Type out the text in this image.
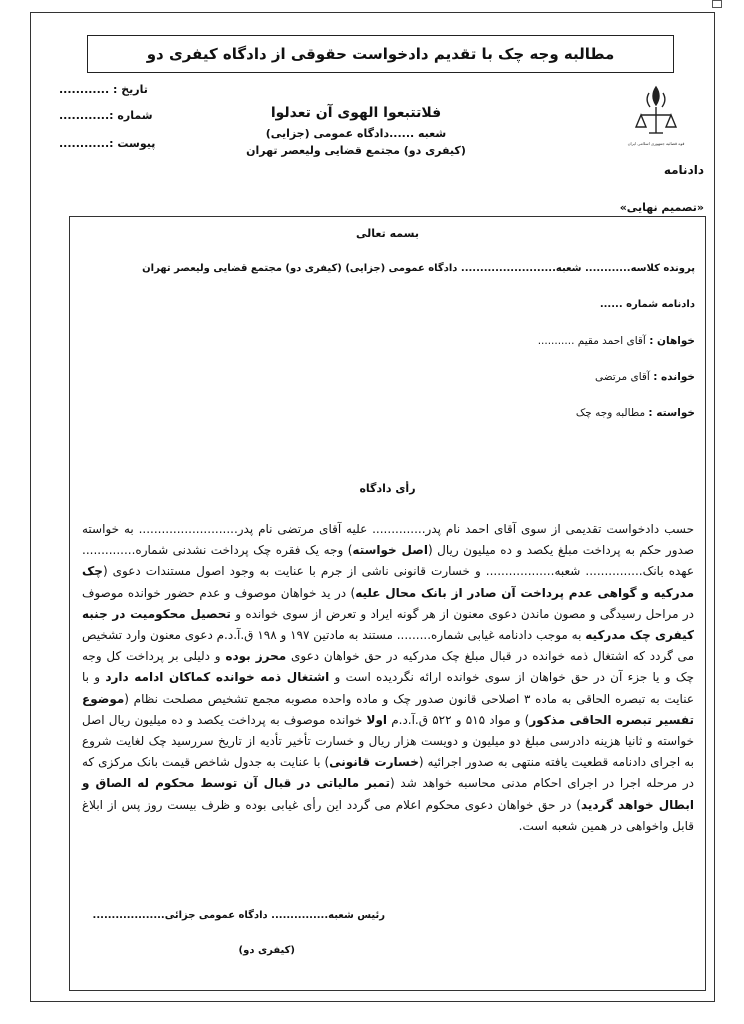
مطالبه وجه چک با تقدیم دادخواست حقوقی از دادگاه کیفری دو
تاریخ : ............
شماره :............
پیوست :............
فلاتتبعوا الهوی آن تعدلوا
شعبه ......دادگاه عمومی (جزایی)
(کیفری دو) مجتمع قضایی ولیعصر تهران
قوه قضائیه جمهوری اسلامی ایران
دادنامه
«تصمیم نهایی»
بسمه تعالی
پرونده کلاسه............ شعبه......................... دادگاه عمومی (جزایی) (کیفری دو) مجتمع قضایی ولیعصر تهران
دادنامه شماره ......
خواهان : آقای احمد مقیم ...........
خوانده : آقای مرتضی
خواسته : مطالبه وجه چک
رأی دادگاه
حسب دادخواست تقدیمی از سوی آقای احمد نام پدر.............. علیه آقای مرتضی نام پدر.......................... به خواسته صدور حکم به پرداخت مبلغ یکصد و ده میلیون ریال (اصل خواسته) وجه یک فقره چک پرداخت نشدنی شماره.............. عهده بانک............... شعبه.................. و خسارت قانونی ناشی از جرم با عنایت به وجود اصول مستندات دعوی (چک مدرکیه و گواهی عدم پرداخت آن صادر از بانک محال علیه) در ید خواهان موصوف و عدم حضور خوانده موصوف در مراحل رسیدگی و مصون ماندن دعوی معنون از هر گونه ایراد و تعرض از سوی خوانده و تحصیل محکومیت در جنبه کیفری چک مدرکیه به موجب دادنامه غیابی شماره......... مستند به مادتین ۱۹۷ و ۱۹۸ ق.آ.د.م دعوی معنون وارد تشخیص می گردد که اشتغال ذمه خوانده در قبال مبلغ چک مدرکیه در حق خواهان دعوی محرز بوده و دلیلی بر پرداخت کل وجه چک و یا جزء آن در حق خواهان از سوی خوانده ارائه نگردیده است و اشتغال ذمه خوانده کماکان ادامه دارد و با عنایت به تبصره الحاقی به ماده ۳ اصلاحی قانون صدور چک و ماده واحده مصوبه مجمع تشخیص مصلحت نظام (موضوع تفسیر تبصره الحاقی مذکور) و مواد ۵۱۵ و ۵۲۲ ق.آ.د.م اولا خوانده موصوف به پرداخت یکصد و ده میلیون ریال اصل خواسته و ثانیا هزینه دادرسی مبلغ دو میلیون و دویست هزار ریال و خسارت تأخیر تأدیه از تاریخ سررسید چک لغایت شروع به اجرای دادنامه قطعیت یافته منتهی به صدور اجرائیه (خسارت قانونی) با عنایت به جدول شاخص قیمت بانک مرکزی که در مرحله اجرا در اجرای احکام مدنی محاسبه خواهد شد (تمبر مالیاتی در قبال آن توسط محکوم له الصاق و ابطال خواهد گردید) در حق خواهان دعوی محکوم اعلام می گردد این رأی غیابی بوده و ظرف بیست روز پس از ابلاغ قابل واخواهی در همین شعبه است.
رئیس شعبه............... دادگاه عمومی جزائی...................
(کیفری دو)
